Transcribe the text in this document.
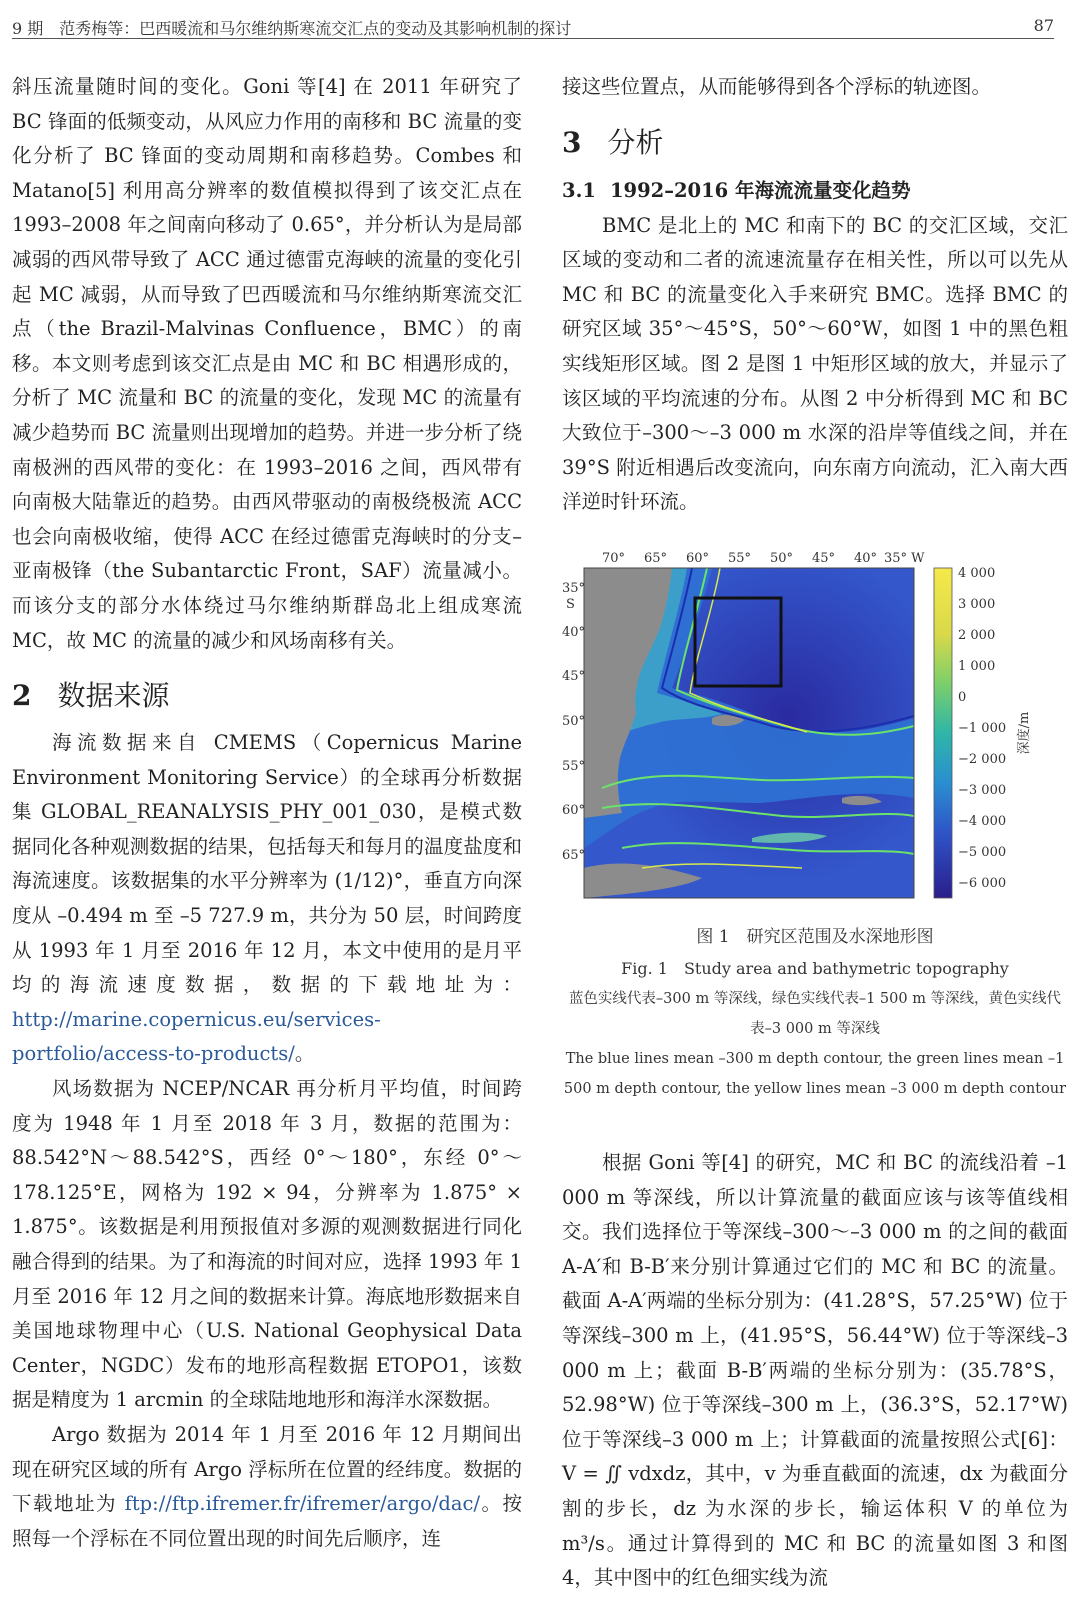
9 期　范秀梅等：巴西暖流和马尔维纳斯寒流交汇点的变动及其影响机制的探讨	87

斜压流量随时间的变化。Goni 等[4] 在 2011 年研究了 BC 锋面的低频变动，从风应力作用的南移和 BC 流量的变化分析了 BC 锋面的变动周期和南移趋势。Combes 和 Matano[5] 利用高分辨率的数值模拟得到了该交汇点在 1993–2008 年之间南向移动了 0.65°，并分析认为是局部减弱的西风带导致了 ACC 通过德雷克海峡的流量的变化引起 MC 减弱，从而导致了巴西暖流和马尔维纳斯寒流交汇点（the Brazil-Malvinas Confluence，BMC）的南移。本文则考虑到该交汇点是由 MC 和 BC 相遇形成的，分析了 MC 流量和 BC 的流量的变化，发现 MC 的流量有减少趋势而 BC 流量则出现增加的趋势。并进一步分析了绕南极洲的西风带的变化：在 1993–2016 之间，西风带有向南极大陆靠近的趋势。由西风带驱动的南极绕极流 ACC 也会向南极收缩，使得 ACC 在经过德雷克海峡时的分支–亚南极锋（the Subantarctic Front，SAF）流量减小。而该分支的部分水体绕过马尔维纳斯群岛北上组成寒流 MC，故 MC 的流量的减少和风场南移有关。

2 数据来源

海流数据来自 CMEMS（Copernicus Marine Environment Monitoring Service）的全球再分析数据集 GLOBAL_REANALYSIS_PHY_001_030，是模式数据同化各种观测数据的结果，包括每天和每月的温度盐度和海流速度。该数据集的水平分辨率为 (1/12)°，垂直方向深度从 –0.494 m 至 –5 727.9 m，共分为 50 层，时间跨度从 1993 年 1 月至 2016 年 12 月，本文中使用的是月平均的海流速度数据，数据的下载地址为：http://marine.copernicus.eu/services-portfolio/access-to-products/。

风场数据为 NCEP/NCAR 再分析月平均值，时间跨度为 1948 年 1 月至 2018 年 3 月，数据的范围为：88.542°N～88.542°S，西经 0°～180°，东经 0°～178.125°E，网格为 192 × 94，分辨率为 1.875° × 1.875°。该数据是利用预报值对多源的观测数据进行同化融合得到的结果。为了和海流的时间对应，选择 1993 年 1 月至 2016 年 12 月之间的数据来计算。海底地形数据来自美国地球物理中心（U.S. National Geophysical Data Center，NGDC）发布的地形高程数据 ETOPO1，该数据是精度为 1 arcmin 的全球陆地地形和海洋水深数据。

Argo 数据为 2014 年 1 月至 2016 年 12 月期间出现在研究区域的所有 Argo 浮标所在位置的经纬度。数据的下载地址为 ftp://ftp.ifremer.fr/ifremer/argo/dac/。按照每一个浮标在不同位置出现的时间先后顺序，连

接这些位置点，从而能够得到各个浮标的轨迹图。

3 分析
3.1 1992–2016 年海流流量变化趋势

BMC 是北上的 MC 和南下的 BC 的交汇区域，交汇区域的变动和二者的流速流量存在相关性，所以可以先从 MC 和 BC 的流量变化入手来研究 BMC。选择 BMC 的研究区域 35°～45°S，50°～60°W，如图 1 中的黑色粗实线矩形区域。图 2 是图 1 中矩形区域的放大，并显示了该区域的平均流速的分布。从图 2 中分析得到 MC 和 BC 大致位于–300～–3 000 m 水深的沿岸等值线之间，并在 39°S 附近相遇后改变流向，向东南方向流动，汇入南大西洋逆时针环流。

70° 65° 60° 55° 50° 45° 40° 35° W
35°
S
40°
45°
50°
55°
60°
65°
4 000
3 000
2 000
1 000
0
−1 000
−2 000
−3 000
−4 000
−5 000
−6 000
深度/m
图 1　研究区范围及水深地形图
Fig. 1　Study area and bathymetric topography
蓝色实线代表–300 m 等深线，绿色实线代表–1 500 m 等深线，黄色实线代表–3 000 m 等深线
The blue lines mean –300 m depth contour, the green lines mean –1 500 m depth contour, the yellow lines mean –3 000 m depth contour

根据 Goni 等[4] 的研究，MC 和 BC 的流线沿着 –1 000 m 等深线，所以计算流量的截面应该与该等值线相交。我们选择位于等深线–300～–3 000 m 的之间的截面 A-A′和 B-B′来分别计算通过它们的 MC 和 BC 的流量。截面 A-A′两端的坐标分别为：(41.28°S，57.25°W) 位于等深线–300 m 上，(41.95°S，56.44°W) 位于等深线–3 000 m 上；截面 B-B′两端的坐标分别为：(35.78°S，52.98°W) 位于等深线–300 m 上，(36.3°S，52.17°W) 位于等深线–3 000 m 上；计算截面的流量按照公式[6]：V = ∬ vdxdz，其中，v 为垂直截面的流速，dx 为截面分割的步长，dz 为水深的步长，输运体积 V 的单位为 m³/s。通过计算得到的 MC 和 BC 的流量如图 3 和图 4，其中图中的红色细实线为流
